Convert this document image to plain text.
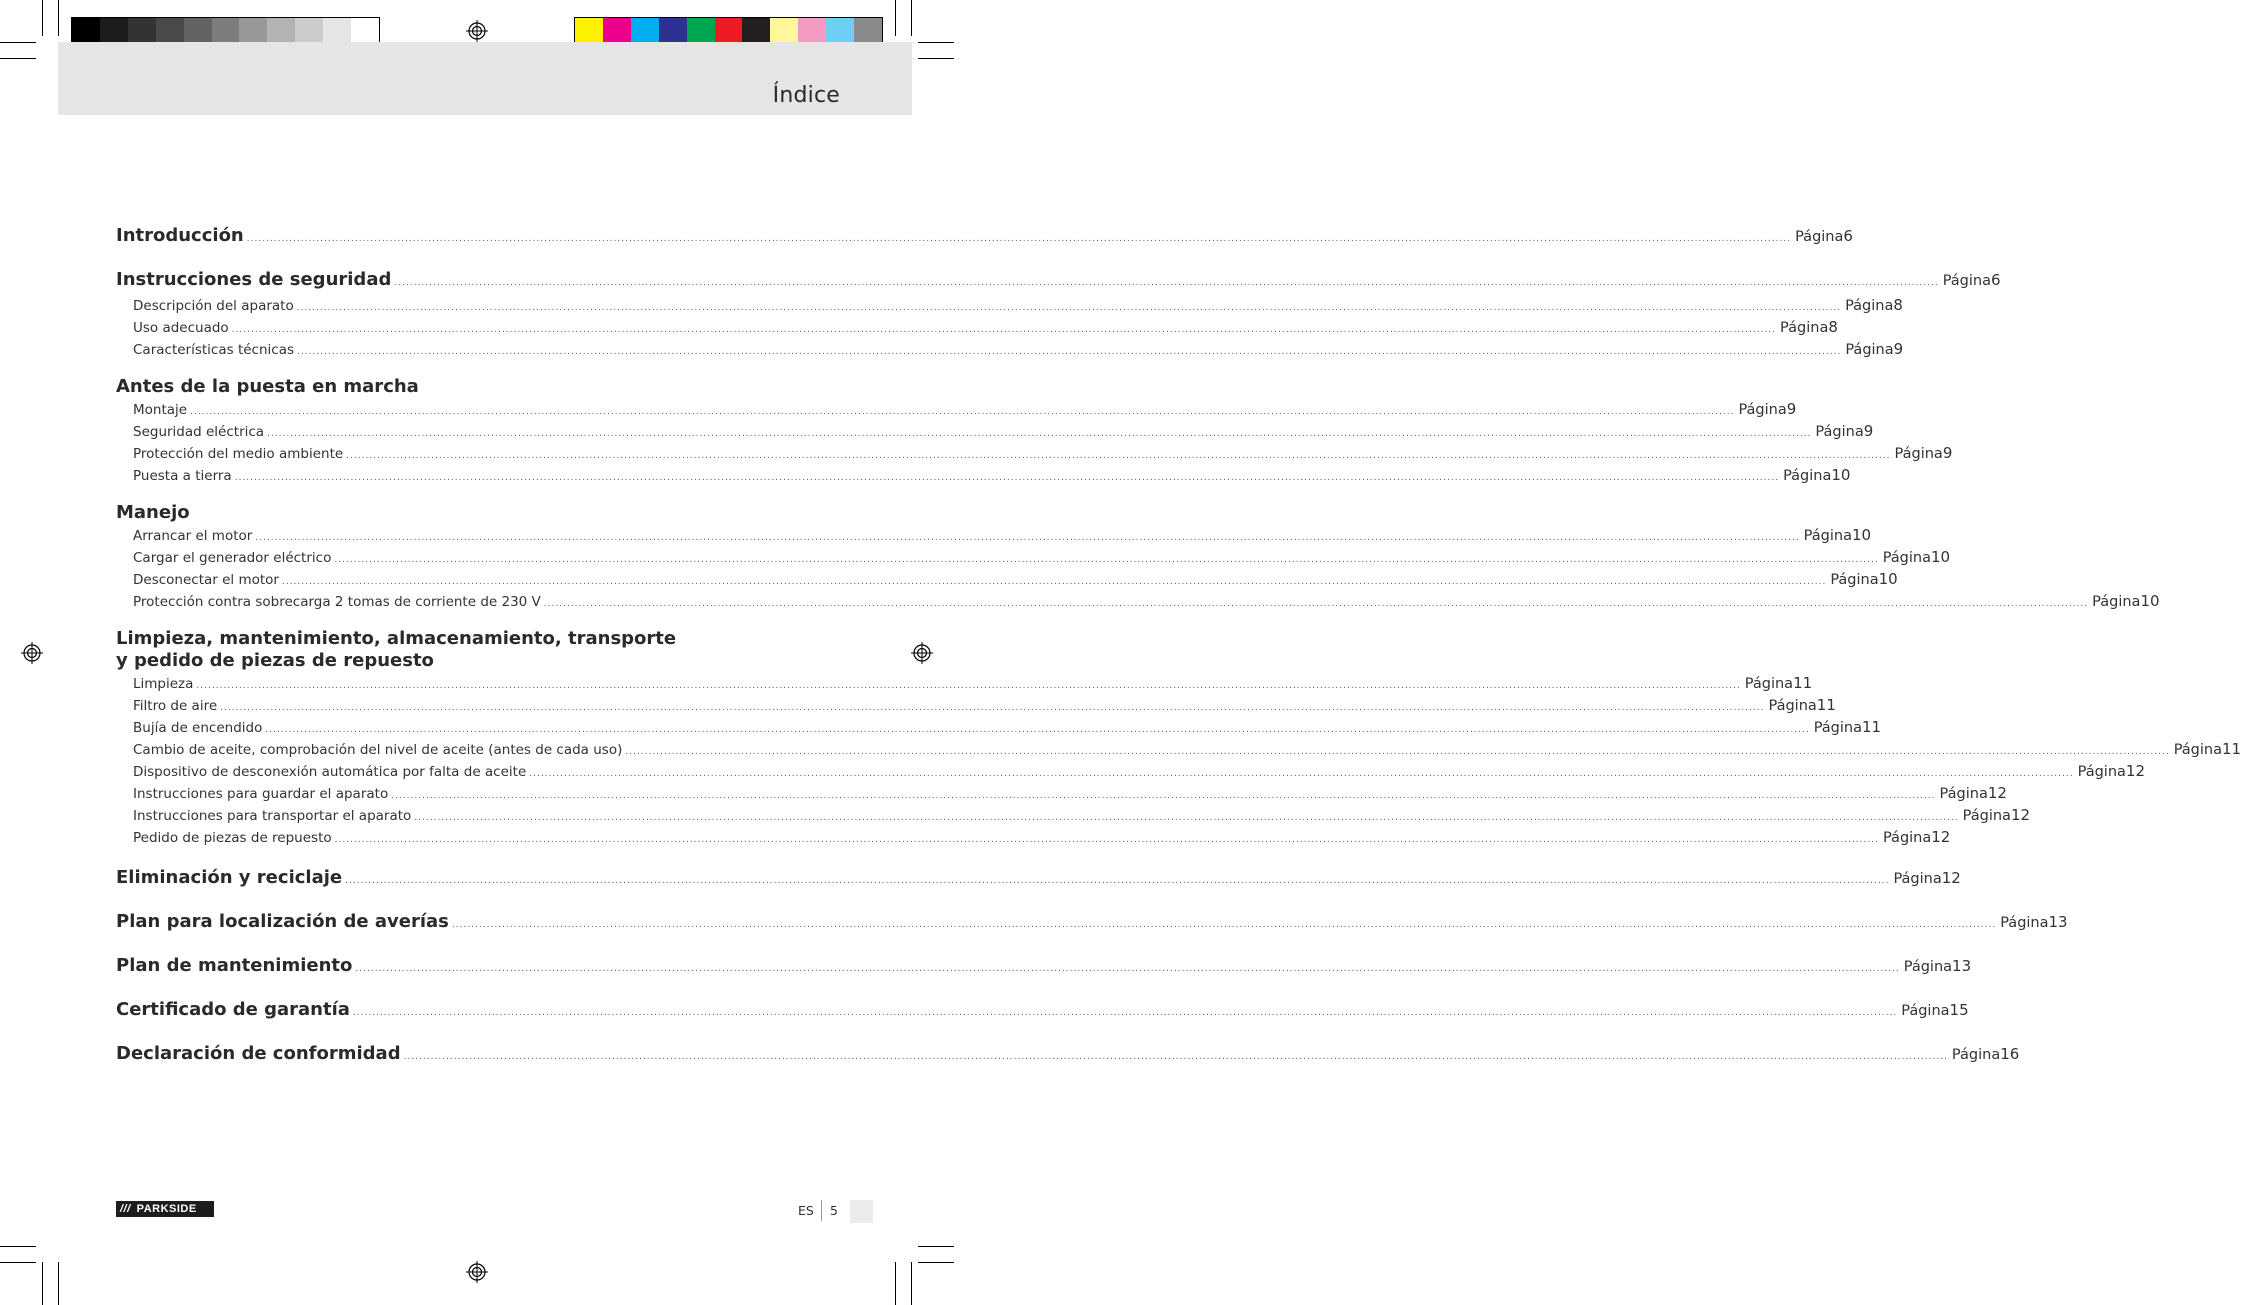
Índice
Introducción ................................................................................................................................................................................................................................................................................................................................................................................................................ Página 6
Instrucciones de seguridad ................................................................................................................................................................................................................................................................................................................................................................................................................ Página 6
Descripción del aparato ................................................................................................................................................................................................................................................................................................................................................................................................................ Página 8
Uso adecuado ................................................................................................................................................................................................................................................................................................................................................................................................................ Página 8
Características técnicas ................................................................................................................................................................................................................................................................................................................................................................................................................ Página 9
Antes de la puesta en marcha
Montaje ................................................................................................................................................................................................................................................................................................................................................................................................................ Página 9
Seguridad eléctrica ................................................................................................................................................................................................................................................................................................................................................................................................................ Página 9
Protección del medio ambiente ................................................................................................................................................................................................................................................................................................................................................................................................................ Página 9
Puesta a tierra ................................................................................................................................................................................................................................................................................................................................................................................................................ Página 10
Manejo
Arrancar el motor ................................................................................................................................................................................................................................................................................................................................................................................................................ Página 10
Cargar el generador eléctrico ................................................................................................................................................................................................................................................................................................................................................................................................................ Página 10
Desconectar el motor ................................................................................................................................................................................................................................................................................................................................................................................................................ Página 10
Protección contra sobrecarga 2 tomas de corriente de 230 V ................................................................................................................................................................................................................................................................................................................................................................................................................ Página 10
Limpieza, mantenimiento, almacenamiento, transporte
y pedido de piezas de repuesto
Limpieza ................................................................................................................................................................................................................................................................................................................................................................................................................ Página 11
Filtro de aire ................................................................................................................................................................................................................................................................................................................................................................................................................ Página 11
Bujía de encendido ................................................................................................................................................................................................................................................................................................................................................................................................................ Página 11
Cambio de aceite, comprobación del nivel de aceite (antes de cada uso) ................................................................................................................................................................................................................................................................................................................................................................................................................ Página 11
Dispositivo de desconexión automática por falta de aceite ................................................................................................................................................................................................................................................................................................................................................................................................................ Página 12
Instrucciones para guardar el aparato ................................................................................................................................................................................................................................................................................................................................................................................................................ Página 12
Instrucciones para transportar el aparato ................................................................................................................................................................................................................................................................................................................................................................................................................ Página 12
Pedido de piezas de repuesto ................................................................................................................................................................................................................................................................................................................................................................................................................ Página 12
Eliminación y reciclaje ................................................................................................................................................................................................................................................................................................................................................................................................................ Página 12
Plan para localización de averías ................................................................................................................................................................................................................................................................................................................................................................................................................ Página 13
Plan de mantenimiento ................................................................................................................................................................................................................................................................................................................................................................................................................ Página 13
Certificado de garantía ................................................................................................................................................................................................................................................................................................................................................................................................................ Página 15
Declaración de conformidad ................................................................................................................................................................................................................................................................................................................................................................................................................ Página 16
/// PARKSIDE	ES 5
